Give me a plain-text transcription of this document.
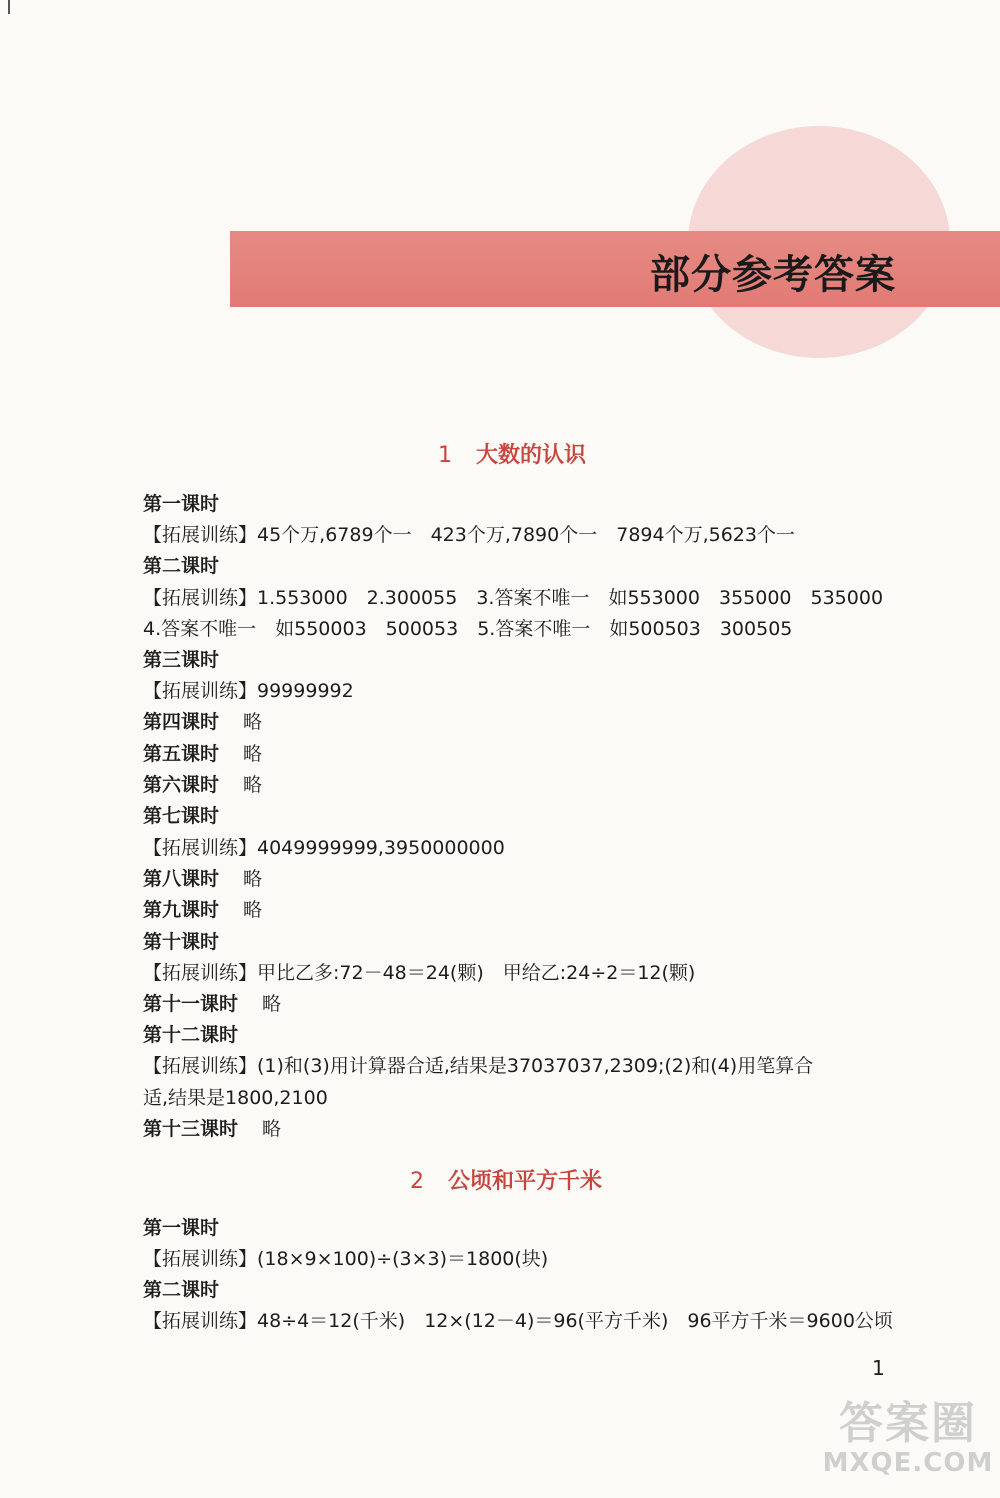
部分参考答案
1 大数的认识
第一课时
【拓展训练】45个万,6789个一　423个万,7890个一　7894个万,5623个一
第二课时
【拓展训练】1.553000　2.300055　3.答案不唯一　如553000　355000　535000
4.答案不唯一　如550003　500053　5.答案不唯一　如500503　300505
第三课时
【拓展训练】99999992
第四课时 略
第五课时 略
第六课时 略
第七课时
【拓展训练】4049999999,3950000000
第八课时 略
第九课时 略
第十课时
【拓展训练】甲比乙多:72－48＝24(颗)　甲给乙:24÷2＝12(颗)
第十一课时 略
第十二课时
【拓展训练】(1)和(3)用计算器合适,结果是37037037,2309;(2)和(4)用笔算合
适,结果是1800,2100
第十三课时 略
2 公顷和平方千米
第一课时
【拓展训练】(18×9×100)÷(3×3)＝1800(块)
第二课时
【拓展训练】48÷4＝12(千米)　12×(12－4)＝96(平方千米)　96平方千米＝9600公顷
1
答案圈
MXQE.COM
